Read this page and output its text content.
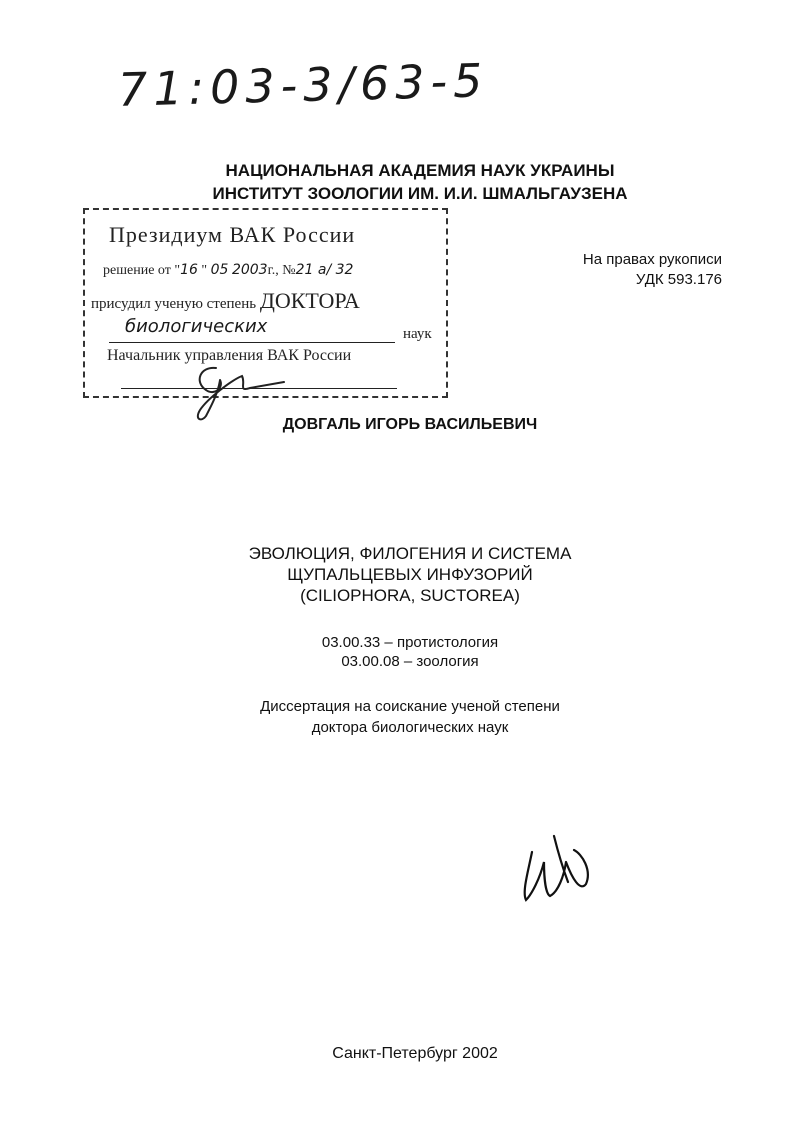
71:03-3/63-5
НАЦИОНАЛЬНАЯ АКАДЕМИЯ НАУК УКРАИНЫ
ИНСТИТУТ ЗООЛОГИИ ИМ. И.И. ШМАЛЬГАУЗЕНА
Президиум ВАК России
решение от "16 " 05 2003г., №21 а/ 32
присудил ученую степень ДОКТОРА
биологических	наук
Начальник управления ВАК России
На правах рукописи
УДК 593.176
ДОВГАЛЬ ИГОРЬ ВАСИЛЬЕВИЧ
ЭВОЛЮЦИЯ, ФИЛОГЕНИЯ И СИСТЕМА
ЩУПАЛЬЦЕВЫХ ИНФУЗОРИЙ
(CILIOPHORA, SUCTOREA)
03.00.33 – протистология
03.00.08 – зоология
Диссертация на соискание ученой степени
доктора биологических наук
Санкт-Петербург 2002
